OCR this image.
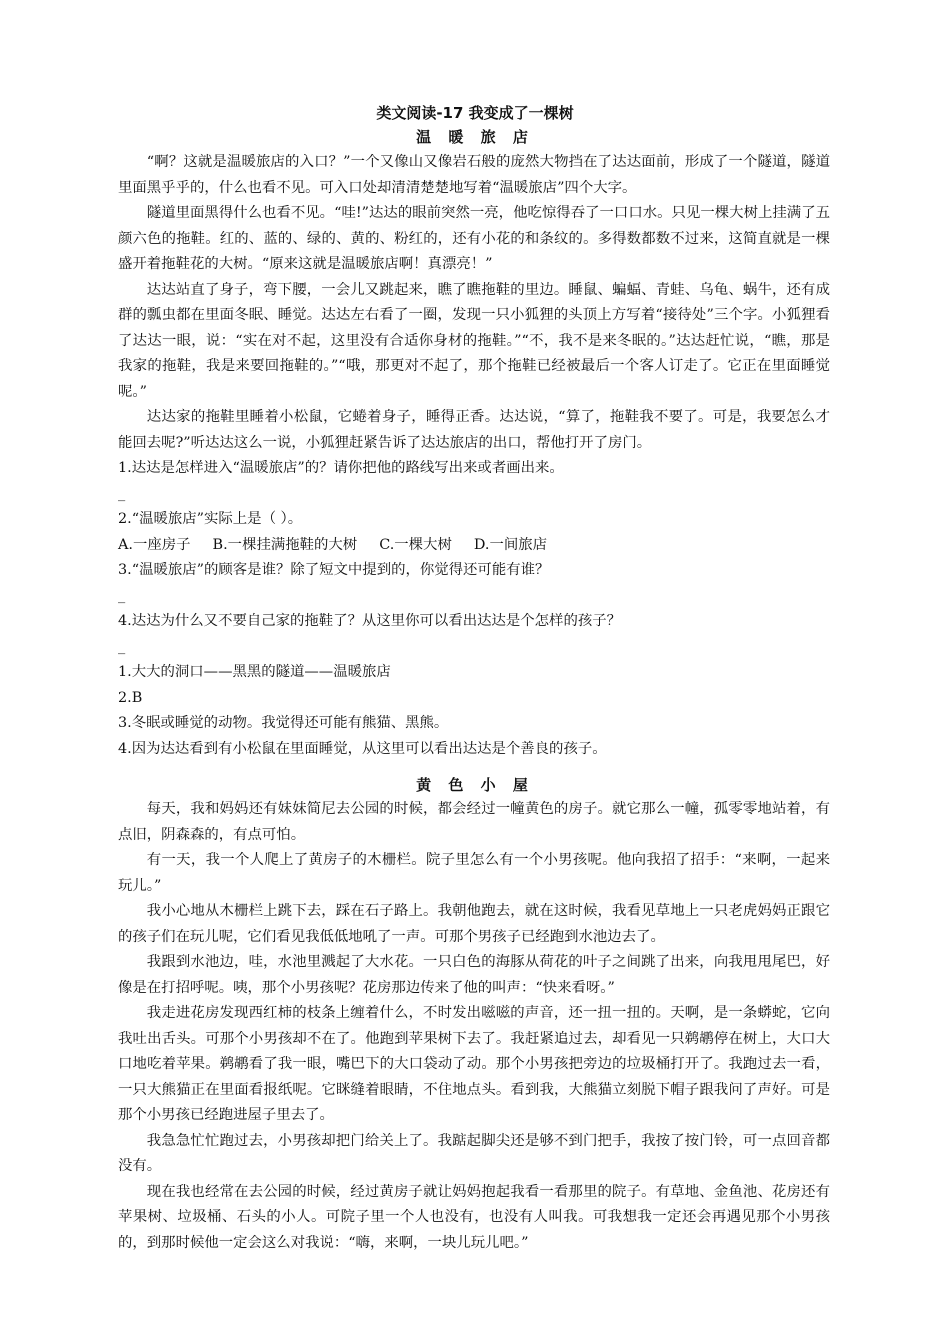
类文阅读-17 我变成了一棵树
温 暖 旅 店

“啊？这就是温暖旅店的入口？”一个又像山又像岩石般的庞然大物挡在了达达面前，形成了一个隧道，隧道里面黑乎乎的，什么也看不见。可入口处却清清楚楚地写着“温暖旅店”四个大字。

隧道里面黑得什么也看不见。“哇!”达达的眼前突然一亮，他吃惊得吞了一口口水。只见一棵大树上挂满了五颜六色的拖鞋。红的、蓝的、绿的、黄的、粉红的，还有小花的和条纹的。多得数都数不过来，这简直就是一棵盛开着拖鞋花的大树。“原来这就是温暖旅店啊！真漂亮！”

达达站直了身子，弯下腰，一会儿又跳起来，瞧了瞧拖鞋的里边。睡鼠、蝙蝠、青蛙、乌龟、蜗牛，还有成群的瓢虫都在里面冬眠、睡觉。达达左右看了一圈，发现一只小狐狸的头顶上方写着“接待处”三个字。小狐狸看了达达一眼，说：“实在对不起，这里没有合适你身材的拖鞋。”“不，我不是来冬眠的。”达达赶忙说，“瞧，那是我家的拖鞋，我是来要回拖鞋的。”“哦，那更对不起了，那个拖鞋已经被最后一个客人订走了。它正在里面睡觉呢。”

达达家的拖鞋里睡着小松鼠，它蜷着身子，睡得正香。达达说，“算了，拖鞋我不要了。可是，我要怎么才能回去呢?”听达达这么一说，小狐狸赶紧告诉了达达旅店的出口，帮他打开了房门。

1.达达是怎样进入“温暖旅店”的？请你把他的路线写出来或者画出来。

_

2.“温暖旅店”实际上是（ ）。

A.一座房子 B.一棵挂满拖鞋的大树 C.一棵大树 D.一间旅店

3.“温暖旅店”的顾客是谁？除了短文中提到的，你觉得还可能有谁？

_

4.达达为什么又不要自己家的拖鞋了？从这里你可以看出达达是个怎样的孩子？

_

1.大大的洞口——黑黑的隧道——温暖旅店

2.B

3.冬眠或睡觉的动物。我觉得还可能有熊猫、黑熊。

4.因为达达看到有小松鼠在里面睡觉，从这里可以看出达达是个善良的孩子。

黄 色 小 屋

每天，我和妈妈还有妹妹简尼去公园的时候，都会经过一幢黄色的房子。就它那么一幢，孤零零地站着，有点旧，阴森森的，有点可怕。

有一天，我一个人爬上了黄房子的木栅栏。院子里怎么有一个小男孩呢。他向我招了招手：“来啊，一起来玩儿。”

我小心地从木栅栏上跳下去，踩在石子路上。我朝他跑去，就在这时候，我看见草地上一只老虎妈妈正跟它的孩子们在玩儿呢，它们看见我低低地吼了一声。可那个男孩子已经跑到水池边去了。

我跟到水池边，哇，水池里溅起了大水花。一只白色的海豚从荷花的叶子之间跳了出来，向我甩甩尾巴，好像是在打招呼呢。咦，那个小男孩呢？花房那边传来了他的叫声：“快来看呀。”

我走进花房发现西红柿的枝条上缠着什么，不时发出嗞嗞的声音，还一扭一扭的。天啊，是一条蟒蛇，它向我吐出舌头。可那个小男孩却不在了。他跑到苹果树下去了。我赶紧追过去，却看见一只鹈鹕停在树上，大口大口地吃着苹果。鹈鹕看了我一眼，嘴巴下的大口袋动了动。那个小男孩把旁边的垃圾桶打开了。我跑过去一看，一只大熊猫正在里面看报纸呢。它眯缝着眼睛，不住地点头。看到我，大熊猫立刻脱下帽子跟我问了声好。可是那个小男孩已经跑进屋子里去了。

我急急忙忙跑过去，小男孩却把门给关上了。我踮起脚尖还是够不到门把手，我按了按门铃，可一点回音都没有。

现在我也经常在去公园的时候，经过黄房子就让妈妈抱起我看一看那里的院子。有草地、金鱼池、花房还有苹果树、垃圾桶、石头的小人。可院子里一个人也没有，也没有人叫我。可我想我一定还会再遇见那个小男孩的，到那时候他一定会这么对我说：“嗨，来啊，一块儿玩儿吧。”
